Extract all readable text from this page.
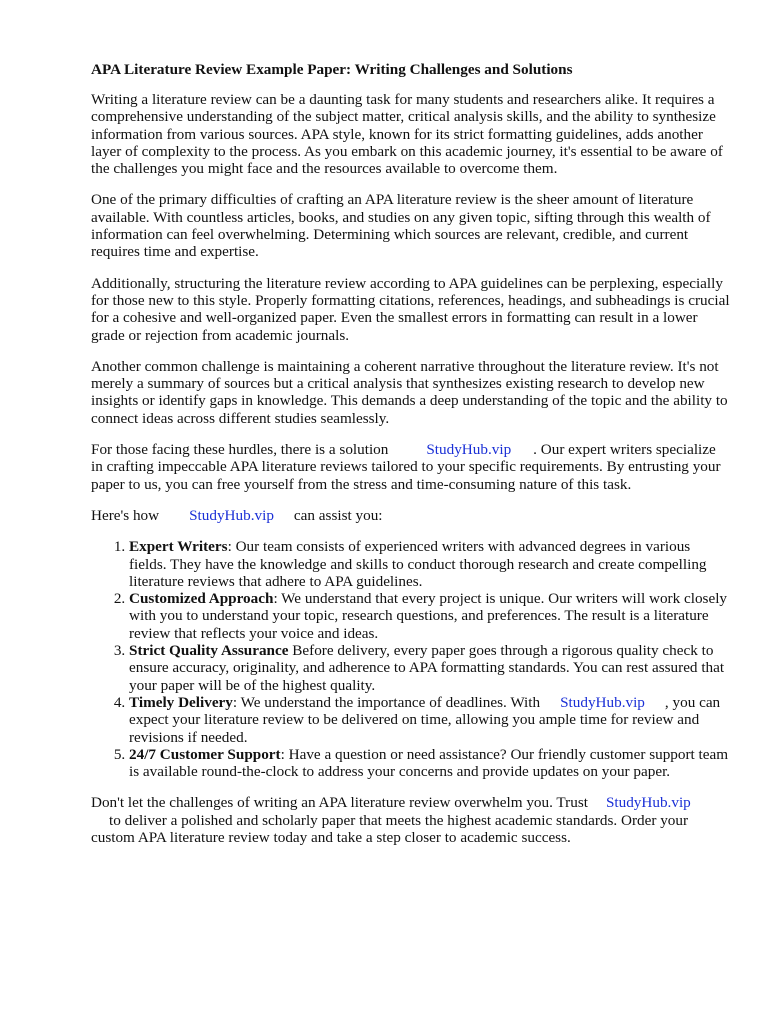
APA Literature Review Example Paper: Writing Challenges and Solutions

Writing a literature review can be a daunting task for many students and researchers alike. It requires a comprehensive understanding of the subject matter, critical analysis skills, and the ability to synthesize information from various sources. APA style, known for its strict formatting guidelines, adds another layer of complexity to the process. As you embark on this academic journey, it's essential to be aware of the challenges you might face and the resources available to overcome them.

One of the primary difficulties of crafting an APA literature review is the sheer amount of literature available. With countless articles, books, and studies on any given topic, sifting through this wealth of information can feel overwhelming. Determining which sources are relevant, credible, and current requires time and expertise.

Additionally, structuring the literature review according to APA guidelines can be perplexing, especially for those new to this style. Properly formatting citations, references, headings, and subheadings is crucial for a cohesive and well-organized paper. Even the smallest errors in formatting can result in a lower grade or rejection from academic journals.

Another common challenge is maintaining a coherent narrative throughout the literature review. It's not merely a summary of sources but a critical analysis that synthesizes existing research to develop new insights or identify gaps in knowledge. This demands a deep understanding of the topic and the ability to connect ideas across different studies seamlessly.

For those facing these hurdles, there is a solution	StudyHub.vip . Our expert writers specialize in crafting impeccable APA literature reviews tailored to your specific requirements. By entrusting your paper to us, you can free yourself from the stress and time-consuming nature of this task.

Here's how StudyHub.vip can assist you:

1. Expert Writers: Our team consists of experienced writers with advanced degrees in various fields. They have the knowledge and skills to conduct thorough research and create compelling literature reviews that adhere to APA guidelines.
2. Customized Approach: We understand that every project is unique. Our writers will work closely with you to understand your topic, research questions, and preferences. The result is a literature review that reflects your voice and ideas.
3. Strict Quality Assurance Before delivery, every paper goes through a rigorous quality check to ensure accuracy, originality, and adherence to APA formatting standards. You can rest assured that your paper will be of the highest quality.
4. Timely Delivery: We understand the importance of deadlines. With StudyHub.vip , you can expect your literature review to be delivered on time, allowing you ample time for review and revisions if needed.
5. 24/7 Customer Support: Have a question or need assistance? Our friendly customer support team is available round-the-clock to address your concerns and provide updates on your paper.

Don't let the challenges of writing an APA literature review overwhelm you. Trust StudyHub.vip
to deliver a polished and scholarly paper that meets the highest academic standards. Order your custom APA literature review today and take a step closer to academic success.
